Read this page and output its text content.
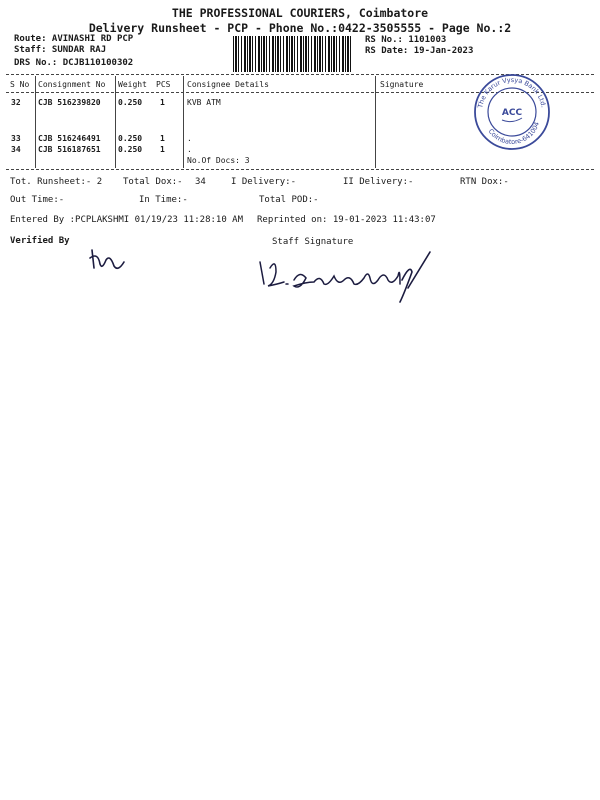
THE PROFESSIONAL COURIERS, Coimbatore
Delivery Runsheet - PCP - Phone No.:0422-3505555 - Page No.:2
Route: AVINASHI RD PCP
Staff: SUNDAR RAJ
DRS No.: DCJB110100302
RS No.: 1101003
RS Date: 19-Jan-2023
S No Consignment No Weight PCS Consignee Details	Signature
32 CJB 516239820 0.250 1	KVB ATM
33 CJB 516246491 0.250 1	.
34 CJB 516187651 0.250 1	.
No.Of Docs: 3
The Karur Vysya Bank Ltd.
Coimbatore-641004
ACC
Tot. Runsheet:- 2 Total Dox:- 34	I Delivery:-	II Delivery:-	RTN Dox:-
Out Time:-	In Time:-	Total POD:-
Entered By :PCPLAKSHMI 01/19/23 11:28:10 AM Reprinted on: 19-01-2023 11:43:07
Verified By	Staff Signature
